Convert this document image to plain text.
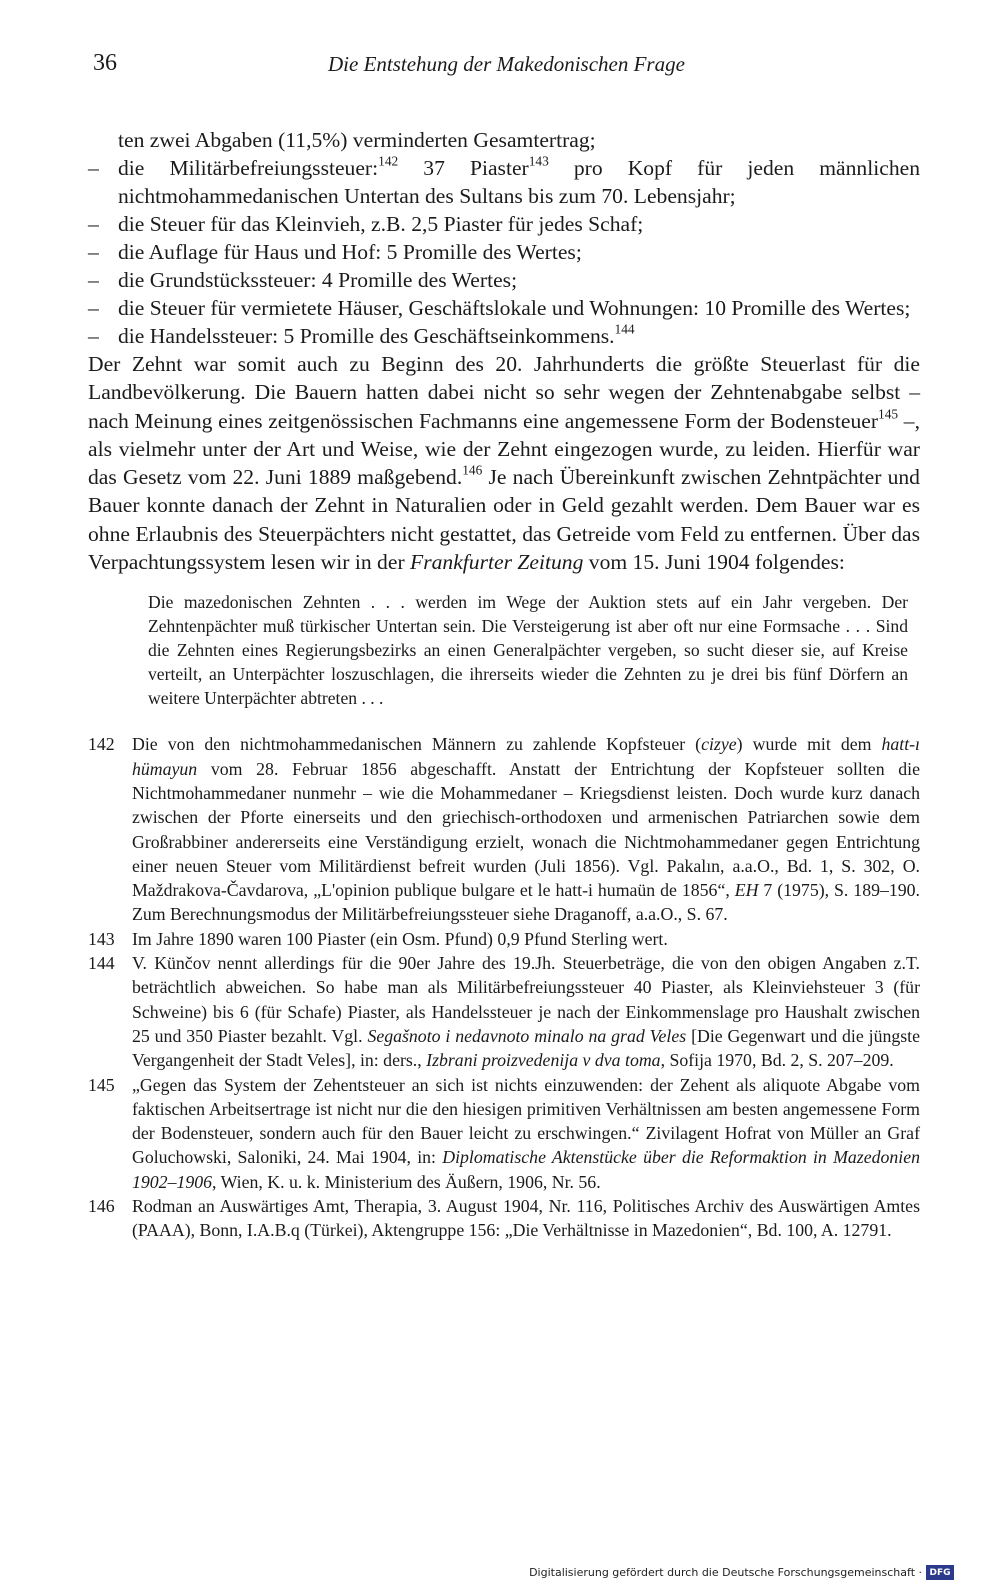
36	Die Entstehung der Makedonischen Frage
ten zwei Abgaben (11,5%) verminderten Gesamtertrag;
– die Militärbefreiungssteuer:$^{142}$ 37 Piaster$^{143}$ pro Kopf für jeden männlichen nichtmohammedanischen Untertan des Sultans bis zum 70. Lebensjahr;
– die Steuer für das Kleinvieh, z.B. 2,5 Piaster für jedes Schaf;
– die Auflage für Haus und Hof: 5 Promille des Wertes;
– die Grundstückssteuer: 4 Promille des Wertes;
– die Steuer für vermietete Häuser, Geschäftslokale und Wohnungen: 10 Promille des Wertes;
– die Handelssteuer: 5 Promille des Geschäftseinkommens.$^{144}$

Der Zehnt war somit auch zu Beginn des 20. Jahrhunderts die größte Steuerlast für die Landbevölkerung. Die Bauern hatten dabei nicht so sehr wegen der Zehntenabgabe selbst – nach Meinung eines zeitgenössischen Fachmanns eine angemessene Form der Bodensteuer$^{145}$ –, als vielmehr unter der Art und Weise, wie der Zehnt eingezogen wurde, zu leiden. Hierfür war das Gesetz vom 22. Juni 1889 maßgebend.$^{146}$ Je nach Übereinkunft zwischen Zehntpächter und Bauer konnte danach der Zehnt in Naturalien oder in Geld gezahlt werden. Dem Bauer war es ohne Erlaubnis des Steuerpächters nicht gestattet, das Getreide vom Feld zu entfernen. Über das Verpachtungssystem lesen wir in der Frankfurter Zeitung vom 15. Juni 1904 folgendes:

Die mazedonischen Zehnten . . . werden im Wege der Auktion stets auf ein Jahr vergeben. Der Zehntenpächter muß türkischer Untertan sein. Die Versteigerung ist aber oft nur eine Formsache . . . Sind die Zehnten eines Regierungsbezirks an einen Generalpächter vergeben, so sucht dieser sie, auf Kreise verteilt, an Unterpächter loszuschlagen, die ihrerseits wieder die Zehnten zu je drei bis fünf Dörfern an weitere Unterpächter abtreten . . .

142 Die von den nichtmohammedanischen Männern zu zahlende Kopfsteuer (cizye) wurde mit dem hatt-ı hümayun vom 28. Februar 1856 abgeschafft. Anstatt der Entrichtung der Kopfsteuer sollten die Nichtmohammedaner nunmehr – wie die Mohammedaner – Kriegsdienst leisten. Doch wurde kurz danach zwischen der Pforte einerseits und den griechisch-orthodoxen und armenischen Patriarchen sowie dem Großrabbiner andererseits eine Verständigung erzielt, wonach die Nichtmohammedaner gegen Entrichtung einer neuen Steuer vom Militärdienst befreit wurden (Juli 1856). Vgl. Pakalın, a.a.O., Bd. 1, S. 302, O. Maždrakova-Čavdarova, „L'opinion publique bulgare et le hatt-i humaün de 1856“, EH 7 (1975), S. 189–190. Zum Berechnungsmodus der Militärbefreiungssteuer siehe Draganoff, a.a.O., S. 67.
143 Im Jahre 1890 waren 100 Piaster (ein Osm. Pfund) 0,9 Pfund Sterling wert.
144 V. Künčov nennt allerdings für die 90er Jahre des 19.Jh. Steuerbeträge, die von den obigen Angaben z.T. beträchtlich abweichen. So habe man als Militärbefreiungssteuer 40 Piaster, als Kleinviehsteuer 3 (für Schweine) bis 6 (für Schafe) Piaster, als Handelssteuer je nach der Einkommenslage pro Haushalt zwischen 25 und 350 Piaster bezahlt. Vgl. Segašnoto i nedavnoto minalo na grad Veles [Die Gegenwart und die jüngste Vergangenheit der Stadt Veles], in: ders., Izbrani proizvedenija v dva toma, Sofija 1970, Bd. 2, S. 207–209.
145 „Gegen das System der Zehentsteuer an sich ist nichts einzuwenden: der Zehent als aliquote Abgabe vom faktischen Arbeitsertrage ist nicht nur die den hiesigen primitiven Verhältnissen am besten angemessene Form der Bodensteuer, sondern auch für den Bauer leicht zu erschwingen.“ Zivilagent Hofrat von Müller an Graf Goluchowski, Saloniki, 24. Mai 1904, in: Diplomatische Aktenstücke über die Reformaktion in Mazedonien 1902–1906, Wien, K. u. k. Ministerium des Äußern, 1906, Nr. 56.
146 Rodman an Auswärtiges Amt, Therapia, 3. August 1904, Nr. 116, Politisches Archiv des Auswärtigen Amtes (PAAA), Bonn, I.A.B.q (Türkei), Aktengruppe 156: „Die Verhältnisse in Mazedonien“, Bd. 100, A. 12791.
Digitalisierung gefördert durch die Deutsche Forschungsgemeinschaft · DFG
